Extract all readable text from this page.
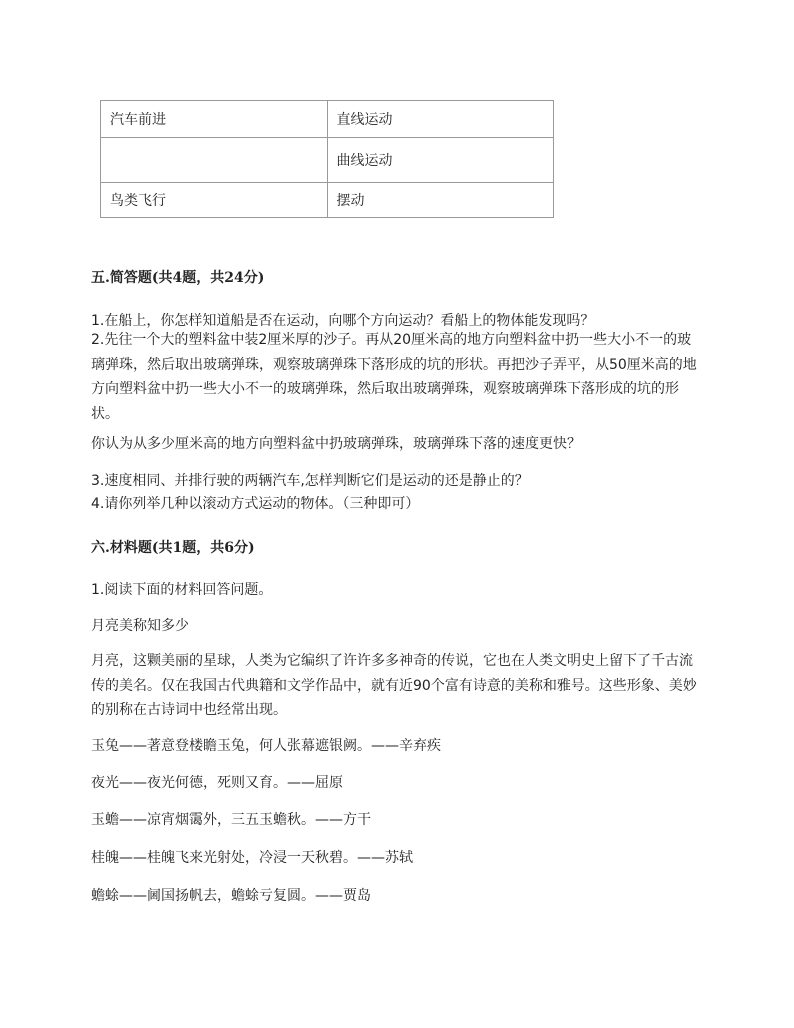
汽车前进	直线运动
	曲线运动
鸟类飞行	摆动
五.简答题(共4题，共24分)
1.在船上，你怎样知道船是否在运动，向哪个方向运动？看船上的物体能发现吗？
2.先往一个大的塑料盆中装2厘米厚的沙子。再从20厘米高的地方向塑料盆中扔一些大小不一的玻璃弹珠，然后取出玻璃弹珠，观察玻璃弹珠下落形成的坑的形状。再把沙子弄平，从50厘米高的地方向塑料盆中扔一些大小不一的玻璃弹珠，然后取出玻璃弹珠，观察玻璃弹珠下落形成的坑的形状。
你认为从多少厘米高的地方向塑料盆中扔玻璃弹珠，玻璃弹珠下落的速度更快？
3.速度相同、并排行驶的两辆汽车,怎样判断它们是运动的还是静止的？
4.请你列举几种以滚动方式运动的物体。（三种即可）
六.材料题(共1题，共6分)
1.阅读下面的材料回答问题。
月亮美称知多少
月亮，这颗美丽的星球，人类为它编织了许许多多神奇的传说，它也在人类文明史上留下了千古流传的美名。仅在我国古代典籍和文学作品中，就有近90个富有诗意的美称和雅号。这些形象、美妙的别称在古诗词中也经常出现。
玉兔——著意登楼瞻玉兔，何人张幕遮银阙。——辛弃疾
夜光——夜光何德，死则又育。——屈原
玉蟾——凉宵烟霭外，三五玉蟾秋。——方干
桂魄——桂魄飞来光射处，冷浸一天秋碧。——苏轼
蟾蜍——阃国扬帆去，蟾蜍亏复圆。——贾岛
